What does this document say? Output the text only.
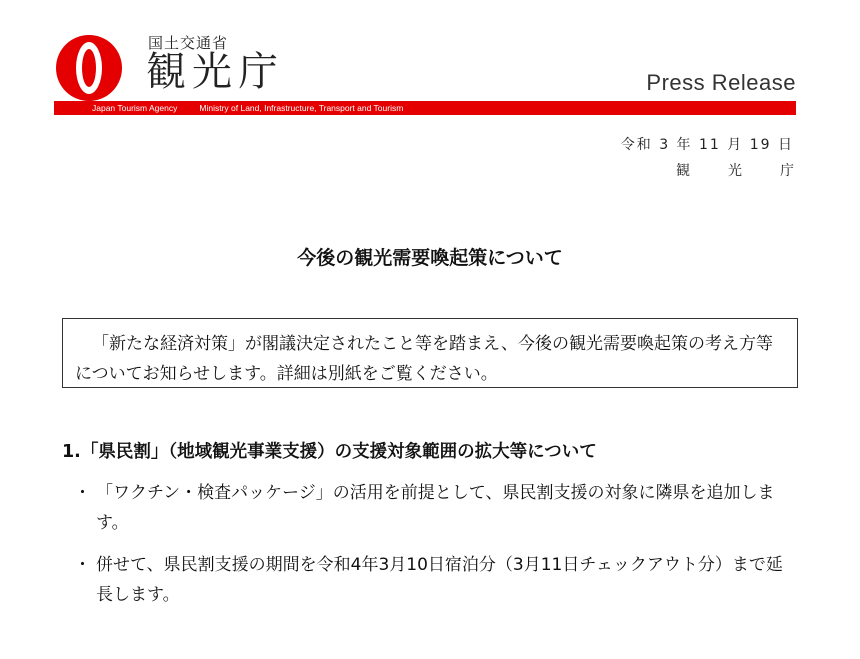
国土交通省
観光庁	Press Release
Japan Tourism Agency	Ministry of Land, Infrastructure, Transport and Tourism
令和 3 年 11 月 19 日
観光庁
今後の観光需要喚起策について
「新たな経済対策」が閣議決定されたこと等を踏まえ、今後の観光需要喚起策の考え方等についてお知らせします。詳細は別紙をご覧ください。
1.「県民割」（地域観光事業支援）の支援対象範囲の拡大等について
・ 「ワクチン・検査パッケージ」の活用を前提として、県民割支援の対象に隣県を追加します。
・ 併せて、県民割支援の期間を令和4年3月10日宿泊分（3月11日チェックアウト分）まで延長します。
